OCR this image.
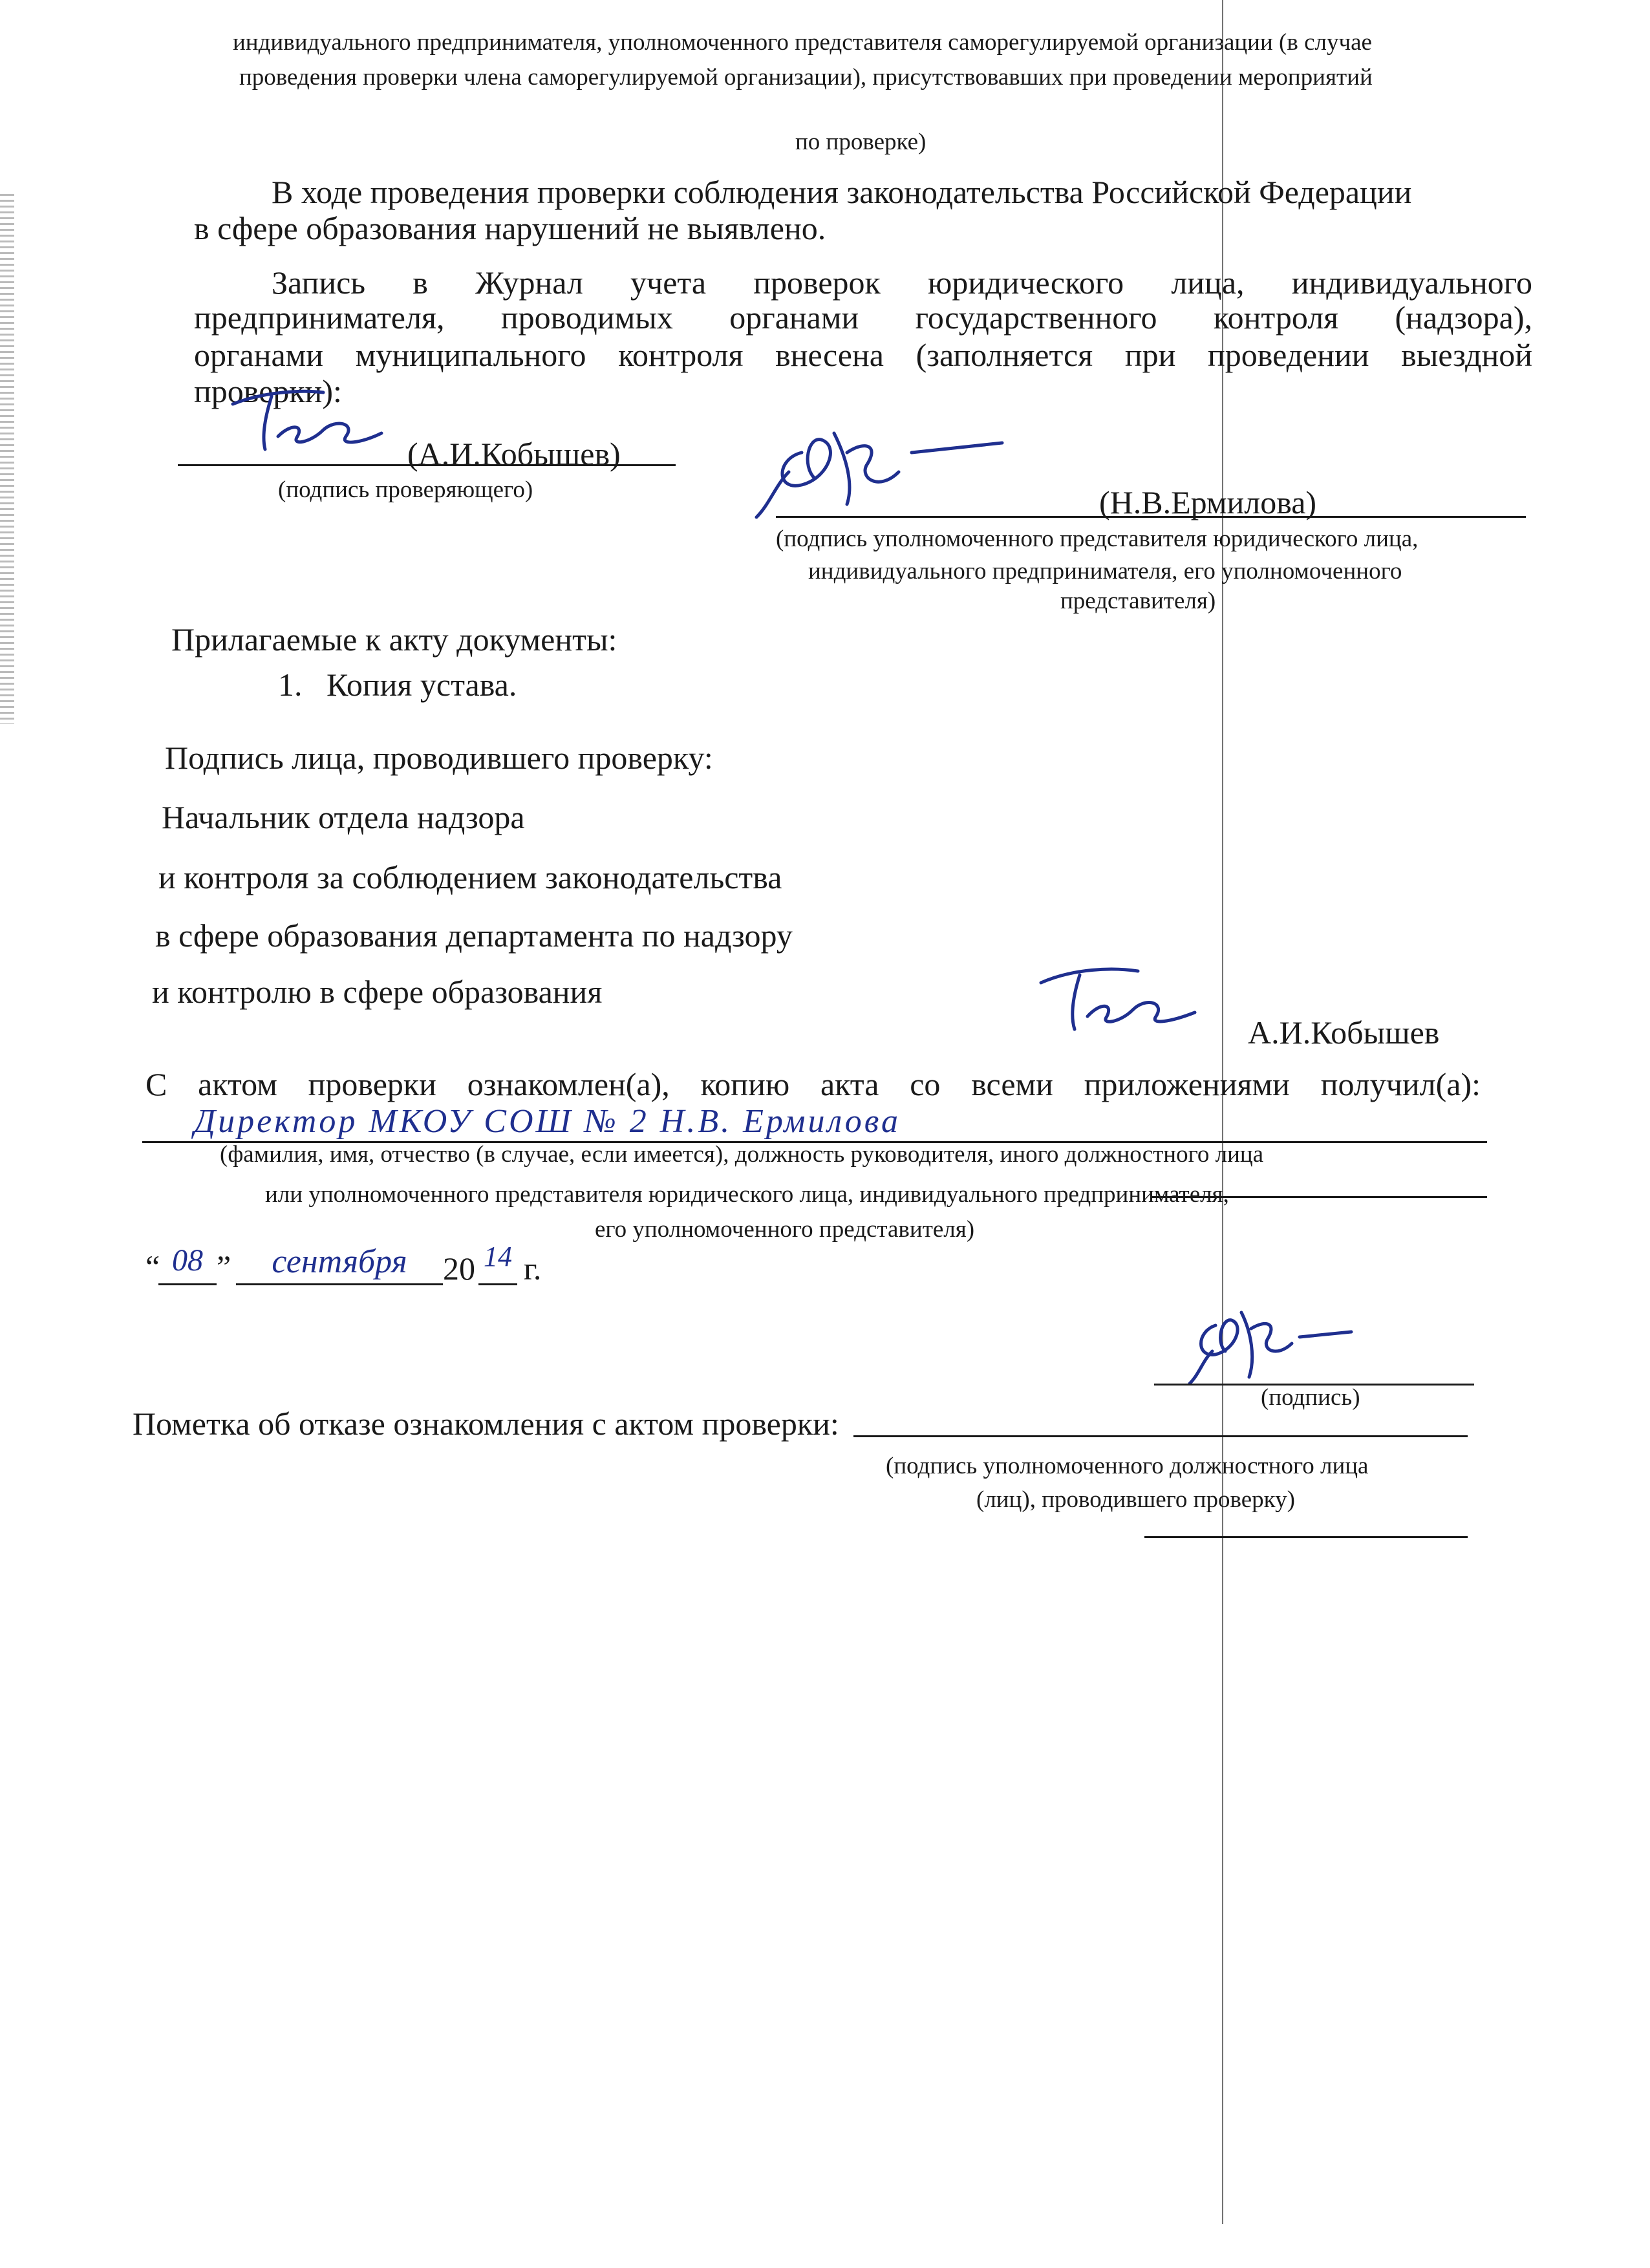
индивидуального предпринимателя, уполномоченного представителя саморегулируемой организации (в случае
проведения проверки члена саморегулируемой организации), присутствовавших при проведении мероприятий
по проверке)
В ходе проведения проверки соблюдения законодательства Российской Федерации
в сфере образования нарушений не выявлено.
Запись в Журнал учета проверок юридического лица, индивидуального
предпринимателя, проводимых органами государственного контроля (надзора),
органами муниципального контроля внесена (заполняется при проведении выездной
проверки):
(А.И.Кобышев)
(подпись проверяющего)	(Н.В.Ермилова)
(подпись уполномоченного представителя юридического лица,
индивидуального предпринимателя, его уполномоченного
представителя)
Прилагаемые к акту документы:
1. Копия устава.
Подпись лица, проводившего проверку:
Начальник отдела надзора
и контроля за соблюдением законодательства
в сфере образования департамента по надзору
и контролю в сфере образования
А.И.Кобышев
С актом проверки ознакомлен(а), копию акта со всеми приложениями получил(а):
Директор МКОУ СОШ № 2 Н.В. Ермилова
(фамилия, имя, отчество (в случае, если имеется), должность руководителя, иного должностного лица
или уполномоченного представителя юридического лица, индивидуального предпринимателя,
его уполномоченного представителя)
“ 08 ”	сентября	20 14 г.
(подпись)
Пометка об отказе ознакомления с актом проверки:
(подпись уполномоченного должностного лица
(лиц), проводившего проверку)
